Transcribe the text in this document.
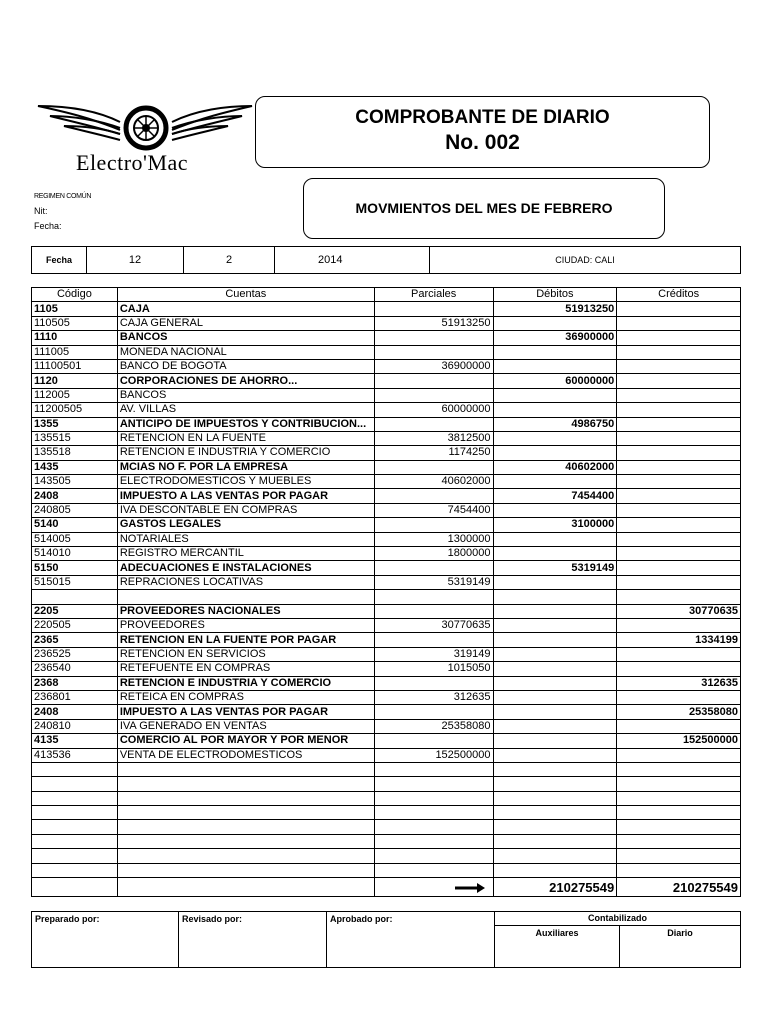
Electro'Mac
COMPROBANTE DE DIARIO
No. 002
REGIMEN COMÚN
Nit:
Fecha:
MOVMIENTOS DEL MES DE FEBRERO
Fecha	12	2	2014	CIUDAD: CALI
Código	Cuentas	Parciales	Débitos	Créditos
1105	CAJA		51913250	
110505	CAJA GENERAL	51913250		
1110	BANCOS		36900000	
111005	MONEDA NACIONAL			
11100501	BANCO DE BOGOTA	36900000		
1120	CORPORACIONES DE AHORRO...		60000000	
112005	BANCOS			
11200505	AV. VILLAS	60000000		
1355	ANTICIPO DE IMPUESTOS Y CONTRIBUCION...		4986750	
135515	RETENCION EN LA FUENTE	3812500		
135518	RETENCION E INDUSTRIA Y COMERCIO	1174250		
1435	MCIAS NO F. POR LA EMPRESA		40602000	
143505	ELECTRODOMESTICOS Y MUEBLES	40602000		
2408	IMPUESTO A LAS VENTAS POR PAGAR		7454400	
240805	IVA DESCONTABLE EN COMPRAS	7454400		
5140	GASTOS LEGALES		3100000	
514005	NOTARIALES	1300000		
514010	REGISTRO MERCANTIL	1800000		
5150	ADECUACIONES E INSTALACIONES		5319149	
515015	REPRACIONES LOCATIVAS	5319149		

2205	PROVEEDORES NACIONALES			30770635
220505	PROVEEDORES	30770635		
2365	RETENCION EN LA FUENTE POR PAGAR			1334199
236525	RETENCION EN SERVICIOS	319149		
236540	RETEFUENTE EN COMPRAS	1015050		
2368	RETENCION E INDUSTRIA Y COMERCIO			312635
236801	RETEICA EN COMPRAS	312635		
2408	IMPUESTO A LAS VENTAS POR PAGAR			25358080
240810	IVA GENERADO EN VENTAS	25358080		
4135	COMERCIO AL POR MAYOR Y POR MENOR			152500000
413536	VENTA DE ELECTRODOMESTICOS	152500000		

			210275549	210275549
Preparado por:	Revisado por:	Aprobado por:	Contabilizado	
			Auxiliares	Diario
